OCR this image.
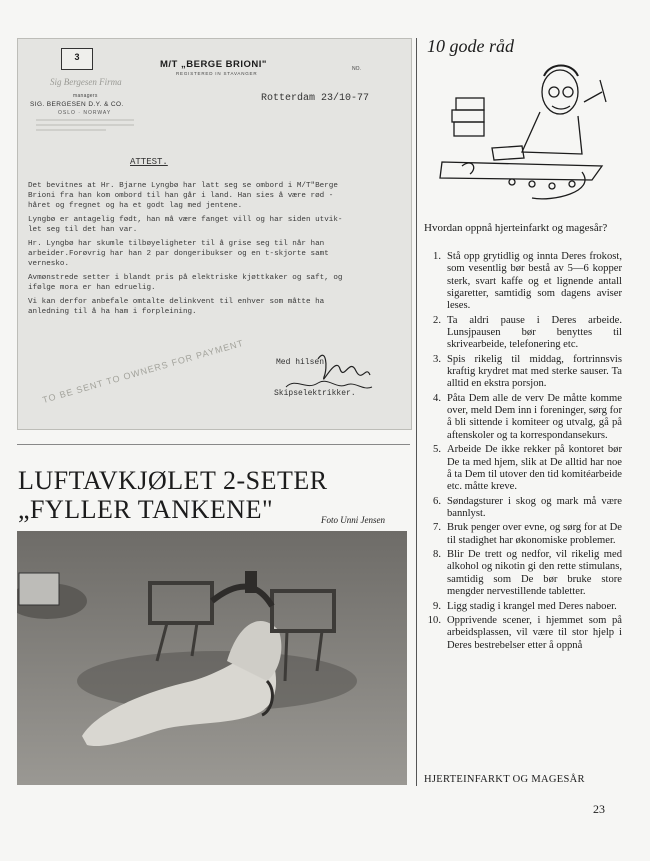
3
Sig Bergesen Firma
managers
SIG. BERGESEN D.Y. & CO.
OSLO · NORWAY
M/T „BERGE BRIONI"
REGISTERED IN STAVANGER
NO.
Rotterdam 23/10-77
ATTEST.

Det bevitnes at Hr. Bjarne Lyngbø har latt seg se ombord i M/T"Berge
Brioni fra han kom ombord til han går i land. Han sies å være rød -
håret og fregnet og ha et godt lag med jentene.

Lyngbø er antagelig født, han må være fanget vill og har siden utvik-
let seg til det han var.

Hr. Lyngbø har skumle tilbøyeligheter til å grise seg til når han
arbeider.Forøvrig har han 2 par dongeribukser og en t-skjorte samt
vernesko.

Avmønstrede setter i blandt pris på elektriske kjøttkaker og saft, og
ifølge mora er han edruelig.

Vi kan derfor anbefale omtalte delinkvent til enhver som måtte ha
anledning til å ha ham i forpleining.

Med hilsen
Skipselektrikker.
TO BE SENT TO OWNERS FOR PAYMENT
LUFTAVKJØLET 2-SETER
„FYLLER TANKENE"	Foto Unni Jensen
10 gode råd
Hvordan oppnå hjerteinfarkt og magesår?
1. Stå opp grytidlig og innta Deres frokost, som vesentlig bør bestå av 5—6 kopper sterk, svart kaffe og et lignende antall sigaretter, samtidig som dagens aviser leses.
2. Ta aldri pause i Deres arbeide. Lunsjpausen bør benyttes til skrivearbeide, telefonering etc.
3. Spis rikelig til middag, fortrinnsvis kraftig krydret mat med sterke sauser. Ta alltid en ekstra porsjon.
4. Påta Dem alle de verv De måtte komme over, meld Dem inn i foreninger, sørg for å bli sittende i komiteer og utvalg, gå på aftenskoler og ta korrespondansekurs.
5. Arbeide De ikke rekker på kontoret bør De ta med hjem, slik at De alltid har noe å ta Dem til utover den tid komitéarbeide etc. måtte kreve.
6. Søndagsturer i skog og mark må være bannlyst.
7. Bruk penger over evne, og sørg for at De til stadighet har økonomiske problemer.
8. Blir De trett og nedfor, vil rikelig med alkohol og nikotin gi den rette stimulans, samtidig som De bør bruke store mengder nervestillende tabletter.
9. Ligg stadig i krangel med Deres naboer.
10. Opprivende scener, i hjemmet som på arbeidsplassen, vil være til stor hjelp i Deres bestrebelser etter å oppnå
HJERTEINFARKT OG MAGESÅR
23
